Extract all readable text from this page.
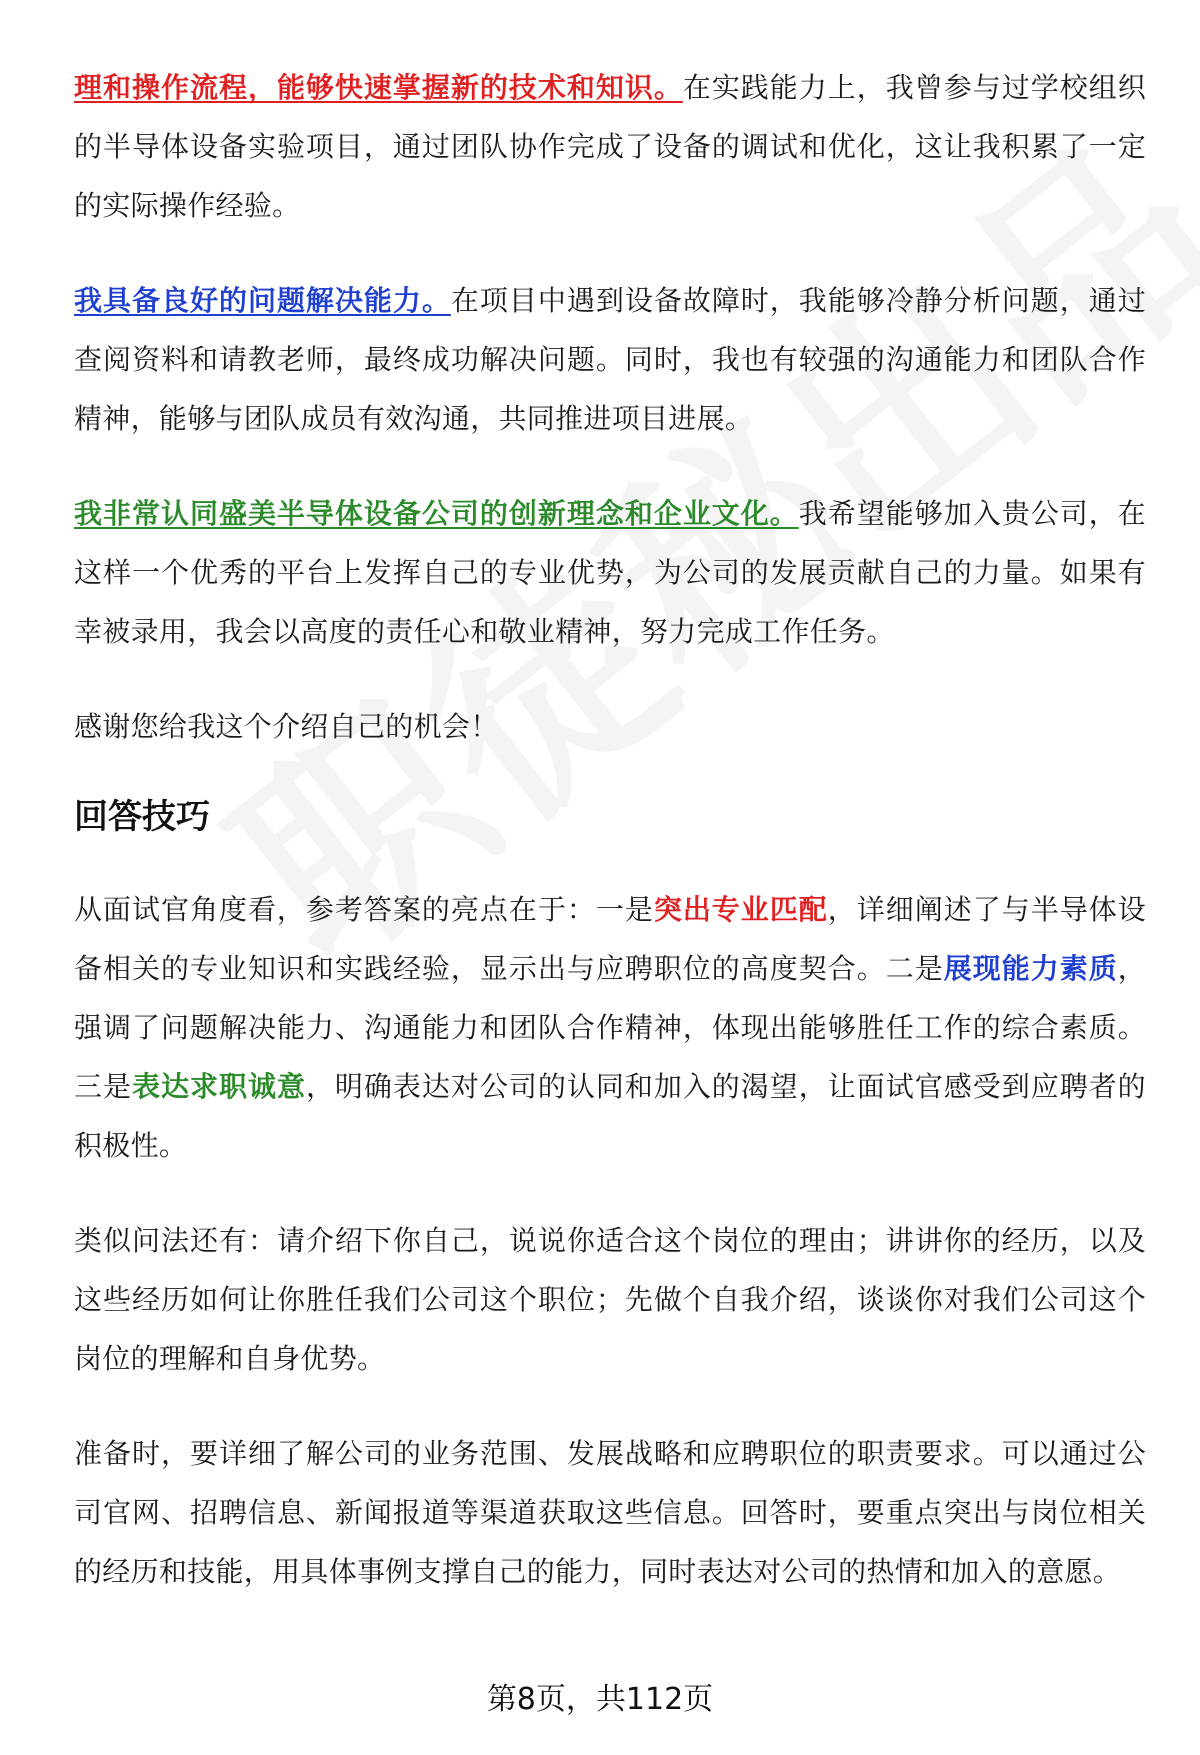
理和操作流程，能够快速掌握新的技术和知识。在实践能力上，我曾参与过学校组织的半导体设备实验项目，通过团队协作完成了设备的调试和优化，这让我积累了一定的实际操作经验。

我具备良好的问题解决能力。在项目中遇到设备故障时，我能够冷静分析问题，通过查阅资料和请教老师，最终成功解决问题。同时，我也有较强的沟通能力和团队合作精神，能够与团队成员有效沟通，共同推进项目进展。

我非常认同盛美半导体设备公司的创新理念和企业文化。我希望能够加入贵公司，在这样一个优秀的平台上发挥自己的专业优势，为公司的发展贡献自己的力量。如果有幸被录用，我会以高度的责任心和敬业精神，努力完成工作任务。

感谢您给我这个介绍自己的机会！

回答技巧

从面试官角度看，参考答案的亮点在于：一是突出专业匹配，详细阐述了与半导体设备相关的专业知识和实践经验，显示出与应聘职位的高度契合。二是展现能力素质，强调了问题解决能力、沟通能力和团队合作精神，体现出能够胜任工作的综合素质。三是表达求职诚意，明确表达对公司的认同和加入的渴望，让面试官感受到应聘者的积极性。

类似问法还有：请介绍下你自己，说说你适合这个岗位的理由；讲讲你的经历，以及这些经历如何让你胜任我们公司这个职位；先做个自我介绍，谈谈你对我们公司这个岗位的理解和自身优势。

准备时，要详细了解公司的业务范围、发展战略和应聘职位的职责要求。可以通过公司官网、招聘信息、新闻报道等渠道获取这些信息。回答时，要重点突出与岗位相关的经历和技能，用具体事例支撑自己的能力，同时表达对公司的热情和加入的意愿。

第8页，共112页
